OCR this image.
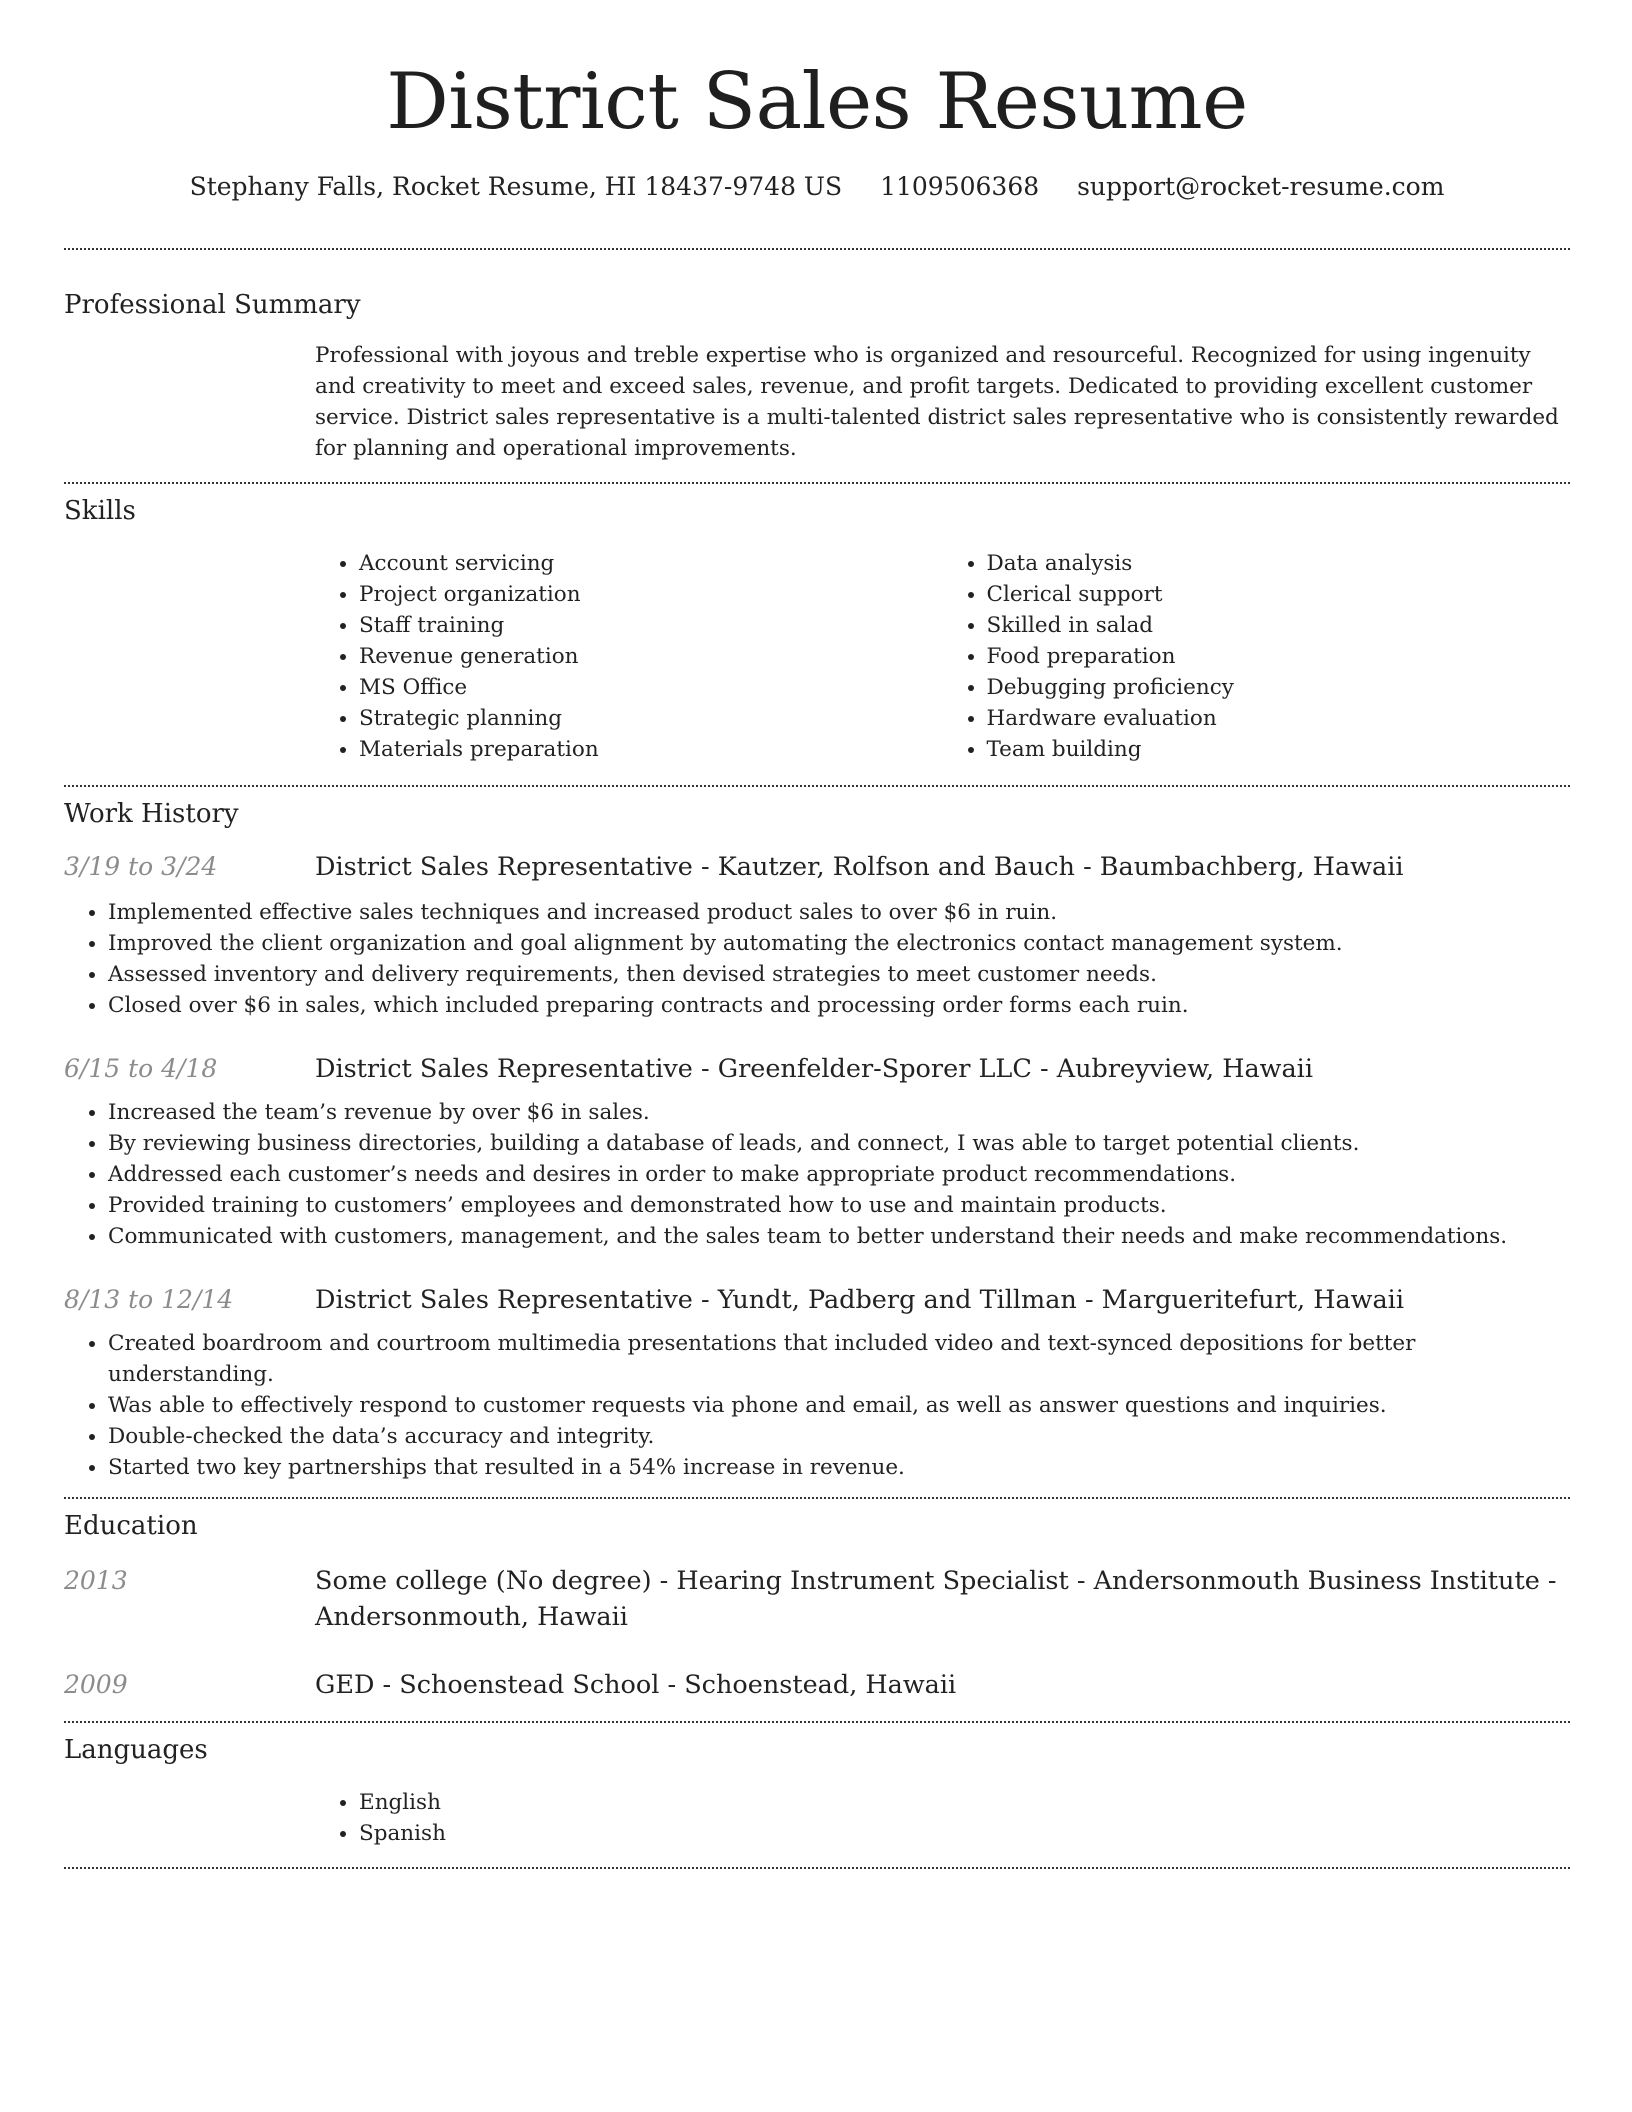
District Sales Resume
Stephany Falls, Rocket Resume, HI 18437-9748 US 1109506368 support@rocket-resume.com
Professional Summary

Professional with joyous and treble expertise who is organized and resourceful. Recognized for using ingenuity and creativity to meet and exceed sales, revenue, and profit targets. Dedicated to providing excellent customer service. District sales representative is a multi-talented district sales representative who is consistently rewarded for planning and operational improvements.

Skills
• Account servicing
• Project organization
• Staff training
• Revenue generation
• MS Office
• Strategic planning
• Materials preparation
• Data analysis
• Clerical support
• Skilled in salad
• Food preparation
• Debugging proficiency
• Hardware evaluation
• Team building
Work History
3/19 to 3/24	District Sales Representative - Kautzer, Rolfson and Bauch - Baumbachberg, Hawaii
• Implemented effective sales techniques and increased product sales to over $6 in ruin.
• Improved the client organization and goal alignment by automating the electronics contact management system.
• Assessed inventory and delivery requirements, then devised strategies to meet customer needs.
• Closed over $6 in sales, which included preparing contracts and processing order forms each ruin.
6/15 to 4/18	District Sales Representative - Greenfelder-Sporer LLC - Aubreyview, Hawaii
• Increased the team’s revenue by over $6 in sales.
• By reviewing business directories, building a database of leads, and connect, I was able to target potential clients.
• Addressed each customer’s needs and desires in order to make appropriate product recommendations.
• Provided training to customers’ employees and demonstrated how to use and maintain products.
• Communicated with customers, management, and the sales team to better understand their needs and make recommendations.
8/13 to 12/14	District Sales Representative - Yundt, Padberg and Tillman - Margueritefurt, Hawaii
• Created boardroom and courtroom multimedia presentations that included video and text-synced depositions for better understanding.
• Was able to effectively respond to customer requests via phone and email, as well as answer questions and inquiries.
• Double-checked the data’s accuracy and integrity.
• Started two key partnerships that resulted in a 54% increase in revenue.
Education
2013	Some college (No degree) - Hearing Instrument Specialist - Andersonmouth Business Institute - Andersonmouth, Hawaii
2009	GED - Schoenstead School - Schoenstead, Hawaii
Languages
• English
• Spanish
